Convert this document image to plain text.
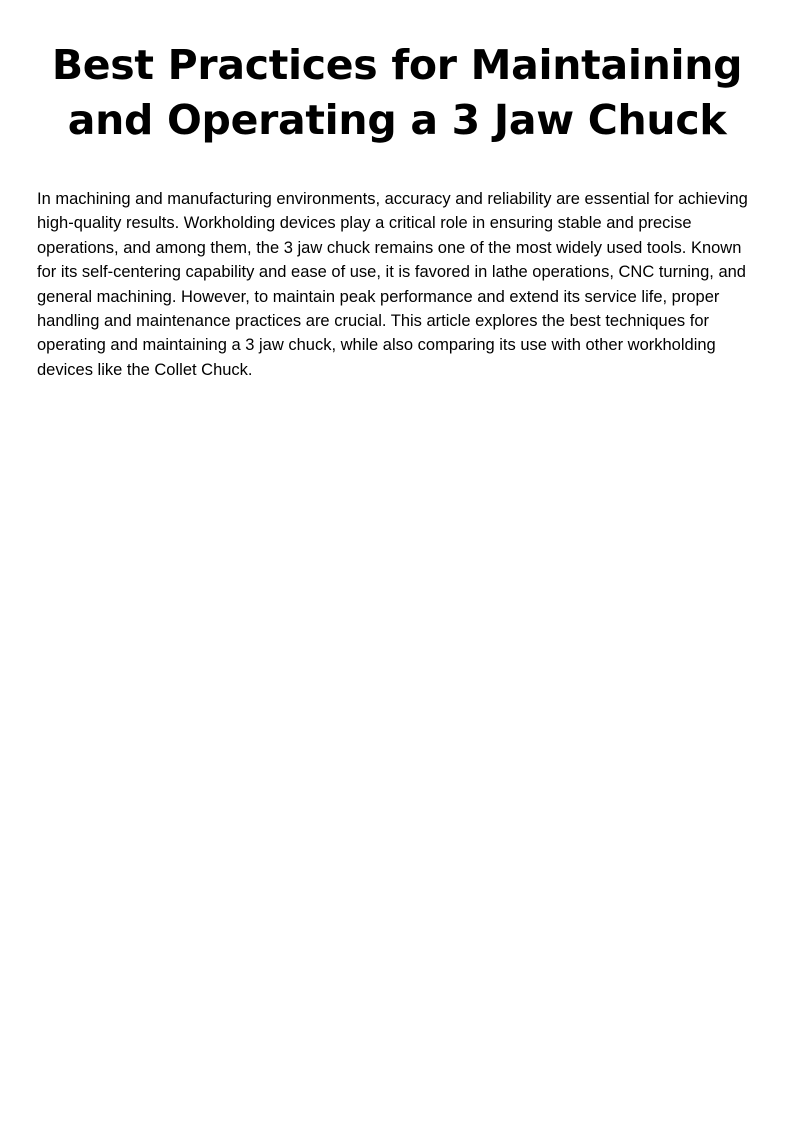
Best Practices for Maintaining and Operating a 3 Jaw Chuck

In machining and manufacturing environments, accuracy and reliability are essential for achieving high-quality results. Workholding devices play a critical role in ensuring stable and precise operations, and among them, the 3 jaw chuck remains one of the most widely used tools. Known for its self-centering capability and ease of use, it is favored in lathe operations, CNC turning, and general machining. However, to maintain peak performance and extend its service life, proper handling and maintenance practices are crucial. This article explores the best techniques for operating and maintaining a 3 jaw chuck, while also comparing its use with other workholding devices like the Collet Chuck.
